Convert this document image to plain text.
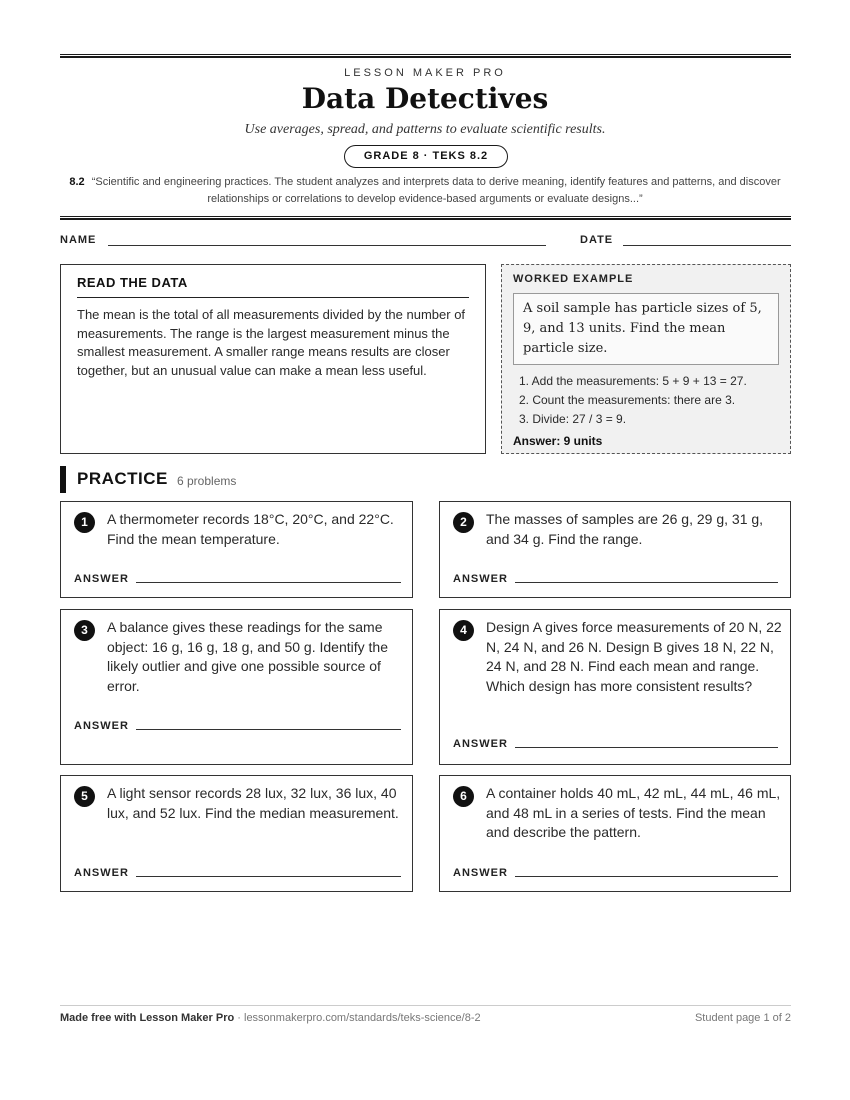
LESSON MAKER PRO
Data Detectives
Use averages, spread, and patterns to evaluate scientific results.
GRADE 8 · TEKS 8.2
8.2 “Scientific and engineering practices. The student analyzes and interprets data to derive meaning, identify features and patterns, and discover relationships or correlations to develop evidence-based arguments or evaluate designs...”
NAME	DATE
READ THE DATA
The mean is the total of all measurements divided by the number of measurements. The range is the largest measurement minus the smallest measurement. A smaller range means results are closer together, but an unusual value can make a mean less useful.
WORKED EXAMPLE
A soil sample has particle sizes of 5, 9, and 13 units. Find the mean particle size.
1. Add the measurements: 5 + 9 + 13 = 27.
2. Count the measurements: there are 3.
3. Divide: 27 / 3 = 9.
Answer: 9 units
PRACTICE 6 problems
1	A thermometer records 18°C, 20°C, and 22°C. Find the mean temperature.
ANSWER
2	The masses of samples are 26 g, 29 g, 31 g, and 34 g. Find the range.
ANSWER
3	A balance gives these readings for the same object: 16 g, 16 g, 18 g, and 50 g. Identify the likely outlier and give one possible source of error.
ANSWER
4	Design A gives force measurements of 20 N, 22 N, 24 N, and 26 N. Design B gives 18 N, 22 N, 24 N, and 28 N. Find each mean and range. Which design has more consistent results?
ANSWER
5	A light sensor records 28 lux, 32 lux, 36 lux, 40 lux, and 52 lux. Find the median measurement.
ANSWER
6	A container holds 40 mL, 42 mL, 44 mL, 46 mL, and 48 mL in a series of tests. Find the mean and describe the pattern.
ANSWER
Made free with Lesson Maker Pro · lessonmakerpro.com/standards/teks-science/8-2	Student page 1 of 2
